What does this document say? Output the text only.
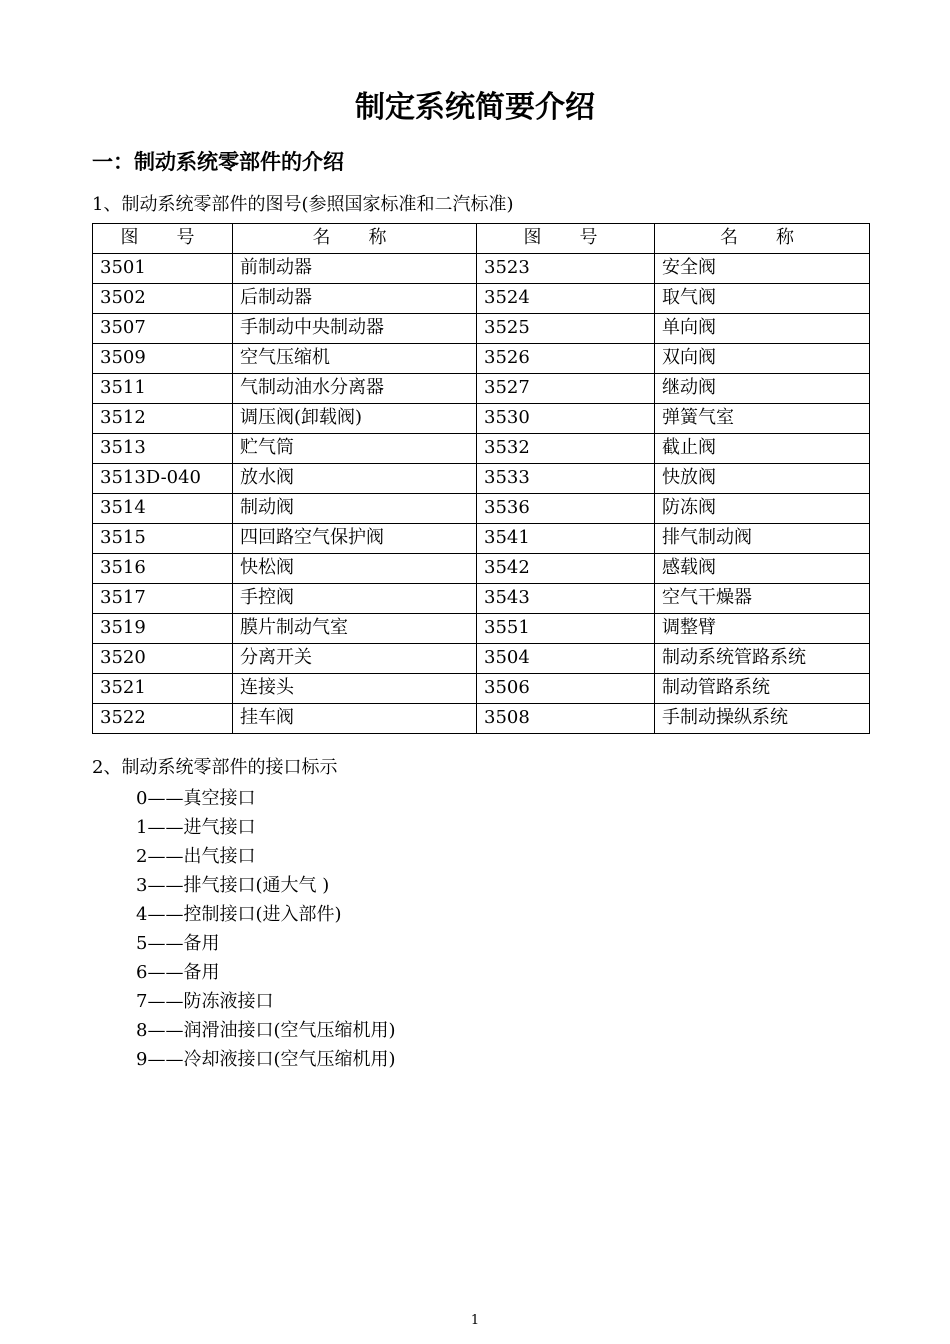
制定系统简要介绍
一：制动系统零部件的介绍

1、制动系统零部件的图号(参照国家标准和二汽标准)

图　号	名　称	图　号	名　称
3501	前制动器	3523	安全阀
3502	后制动器	3524	取气阀
3507	手制动中央制动器	3525	单向阀
3509	空气压缩机	3526	双向阀
3511	气制动油水分离器	3527	继动阀
3512	调压阀(卸载阀)	3530	弹簧气室
3513	贮气筒	3532	截止阀
3513D-040	放水阀	3533	快放阀
3514	制动阀	3536	防冻阀
3515	四回路空气保护阀	3541	排气制动阀
3516	快松阀	3542	感载阀
3517	手控阀	3543	空气干燥器
3519	膜片制动气室	3551	调整臂
3520	分离开关	3504	制动系统管路系统
3521	连接头	3506	制动管路系统
3522	挂车阀	3508	手制动操纵系统

2、制动系统零部件的接口标示

0——真空接口
1——进气接口
2——出气接口
3——排气接口(通大气 )
4——控制接口(进入部件)
5——备用
6——备用
7——防冻液接口
8——润滑油接口(空气压缩机用)
9——冷却液接口(空气压缩机用)
1
